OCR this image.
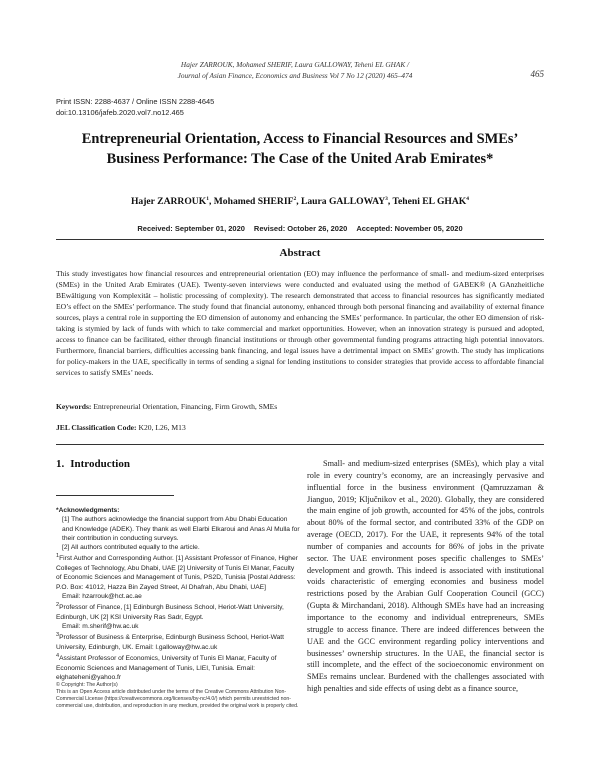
Hajer ZARROUK, Mohamed SHERIF, Laura GALLOWAY, Teheni EL GHAK /
Journal of Asian Finance, Economics and Business Vol 7 No 12 (2020) 465–474	465
Print ISSN: 2288-4637 / Online ISSN 2288-4645
doi:10.13106/jafeb.2020.vol7.no12.465
Entrepreneurial Orientation, Access to Financial Resources and SMEs’
Business Performance: The Case of the United Arab Emirates*
Hajer ZARROUK$^1$, Mohamed SHERIF$^2$, Laura GALLOWAY$^3$, Teheni EL GHAK$^4$
Received: September 01, 2020 Revised: October 26, 2020 Accepted: November 05, 2020
Abstract
This study investigates how financial resources and entrepreneurial orientation (EO) may influence the performance of small- and medium-sized enterprises (SMEs) in the United Arab Emirates (UAE). Twenty-seven interviews were conducted and evaluated using the method of GABEK® (A GAnzheitliche BEwältigung von Komplexität – holistic processing of complexity). The research demonstrated that access to financial resources has significantly mediated EO’s effect on the SMEs’ performance. The study found that financial autonomy, enhanced through both personal financing and availability of external finance sources, plays a central role in supporting the EO dimension of autonomy and enhancing the SMEs’ performance. In particular, the other EO dimension of risk-taking is stymied by lack of funds with which to take commercial and market opportunities. However, when an innovation strategy is pursued and adopted, access to finance can be facilitated, either through financial institutions or through other governmental funding programs attracting high potential innovators. Furthermore, financial barriers, difficulties accessing bank financing, and legal issues have a detrimental impact on SMEs’ growth. The study has implications for policy-makers in the UAE, specifically in terms of sending a signal for lending institutions to consider strategies that provide access to affordable financial services to satisfy SMEs’ needs.
Keywords: Entrepreneurial Orientation, Financing, Firm Growth, SMEs
JEL Classification Code: K20, L26, M13
1. Introduction
*Acknowledgments:
[1] The authors acknowledge the financial support from Abu Dhabi Education and Knowledge (ADEK). They thank as well Elarbi Elkaroui and Anas Al Mulla for their contribution in conducting surveys.
[2] All authors contributed equally to the article.
$^1$First Author and Corresponding Author. [1] Assistant Professor of Finance, Higher Colleges of Technology, Abu Dhabi, UAE [2] University of Tunis El Manar, Faculty of Economic Sciences and Management of Tunis, PS2D, Tunisia [Postal Address: P.O. Box: 41012, Hazza Bin Zayed Street, Al Dhafrah, Abu Dhabi, UAE]
Email: hzarrouk@hct.ac.ae
$^2$Professor of Finance, [1] Edinburgh Business School, Heriot-Watt University, Edinburgh, UK [2] KSI University Ras Sadr, Egypt.
Email: m.sherif@hw.ac.uk
$^3$Professor of Business & Enterprise, Edinburgh Business School, Heriot-Watt University, Edinburgh, UK. Email: l.galloway@hw.ac.uk
$^4$Assistant Professor of Economics, University of Tunis El Manar, Faculty of Economic Sciences and Management of Tunis, LIEI, Tunisia. Email: elghateheni@yahoo.fr
© Copyright: The Author(s)
This is an Open Access article distributed under the terms of the Creative Commons Attribution Non-Commercial License (https://creativecommons.org/licenses/by-nc/4.0/) which permits unrestricted non-commercial use, distribution, and reproduction in any medium, provided the original work is properly cited.

Small- and medium-sized enterprises (SMEs), which play a vital role in every country’s economy, are an increasingly pervasive and influential force in the business environment (Qamruzzaman & Jianguo, 2019; Ključnikov et al., 2020). Globally, they are considered the main engine of job growth, accounted for 45% of the jobs, controls about 80% of the formal sector, and contributed 33% of the GDP on average (OECD, 2017). For the UAE, it represents 94% of the total number of companies and accounts for 86% of jobs in the private sector. The UAE environment poses specific challenges to SMEs’ development and growth. This indeed is associated with institutional voids characteristic of emerging economies and business model restrictions posed by the Arabian Gulf Cooperation Council (GCC) (Gupta & Mirchandani, 2018). Although SMEs have had an increasing importance to the economy and individual entrepreneurs, SMEs struggle to access finance. There are indeed differences between the UAE and the GCC environment regarding policy interventions and businesses’ ownership structures. In the UAE, the financial sector is still incomplete, and the effect of the socioeconomic environment on SMEs remains unclear. Burdened with the challenges associated with high penalties and side effects of using debt as a finance source,
